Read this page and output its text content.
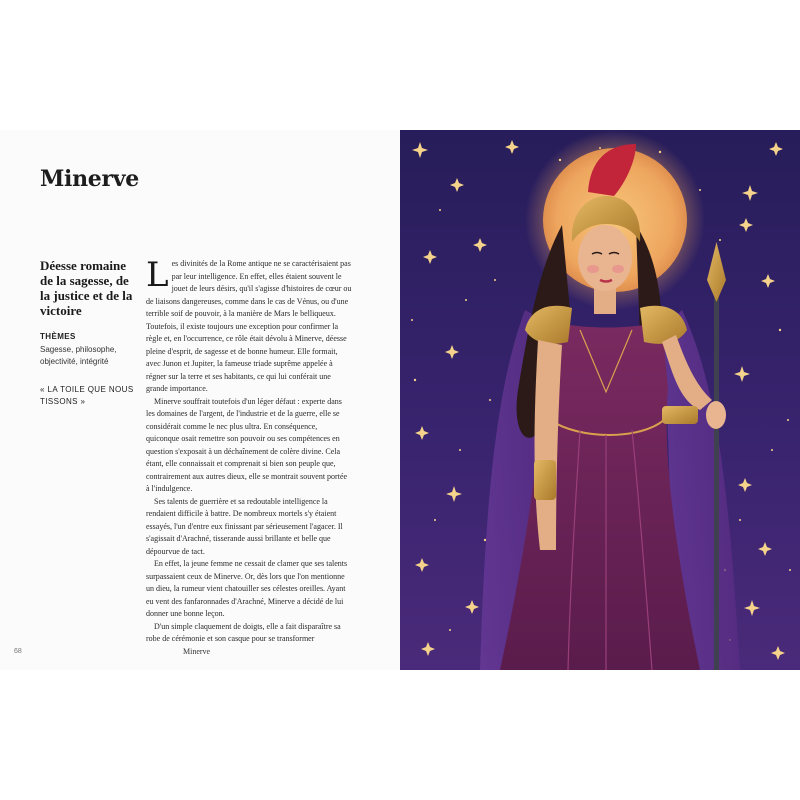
Minerve
Déesse romaine de la sagesse, de la justice et de la victoire
THÈMES
Sagesse, philosophe, objectivité, intégrité
« LA TOILE QUE NOUS TISSONS »

Les divinités de la Rome antique ne se caractérisaient pas par leur intelligence. En effet, elles étaient souvent le jouet de leurs désirs, qu'il s'agisse d'histoires de cœur ou de liaisons dangereuses, comme dans le cas de Vénus, ou d'une terrible soif de pouvoir, à la manière de Mars le belliqueux. Toutefois, il existe toujours une exception pour confirmer la règle et, en l'occurrence, ce rôle était dévolu à Minerve, déesse pleine d'esprit, de sagesse et de bonne humeur. Elle formait, avec Junon et Jupiter, la fameuse triade suprême appelée à régner sur la terre et ses habitants, ce qui lui conférait une grande importance.

Minerve souffrait toutefois d'un léger défaut : experte dans les domaines de l'argent, de l'industrie et de la guerre, elle se considérait comme le nec plus ultra. En conséquence, quiconque osait remettre son pouvoir ou ses compétences en question s'exposait à un déchaînement de colère divine. Cela étant, elle connaissait et comprenait si bien son peuple que, contrairement aux autres dieux, elle se montrait souvent portée à l'indulgence.

Ses talents de guerrière et sa redoutable intelligence la rendaient difficile à battre. De nombreux mortels s'y étaient essayés, l'un d'entre eux finissant par sérieusement l'agacer. Il s'agissait d'Arachné, tisserande aussi brillante et belle que dépourvue de tact.

En effet, la jeune femme ne cessait de clamer que ses talents surpassaient ceux de Minerve. Or, dès lors que l'on mentionne un dieu, la rumeur vient chatouiller ses célestes oreilles. Ayant eu vent des fanfaronnades d'Arachné, Minerve a décidé de lui donner une bonne leçon.

D'un simple claquement de doigts, elle a fait disparaître sa robe de cérémonie et son casque pour se transformer

68	Minerve
